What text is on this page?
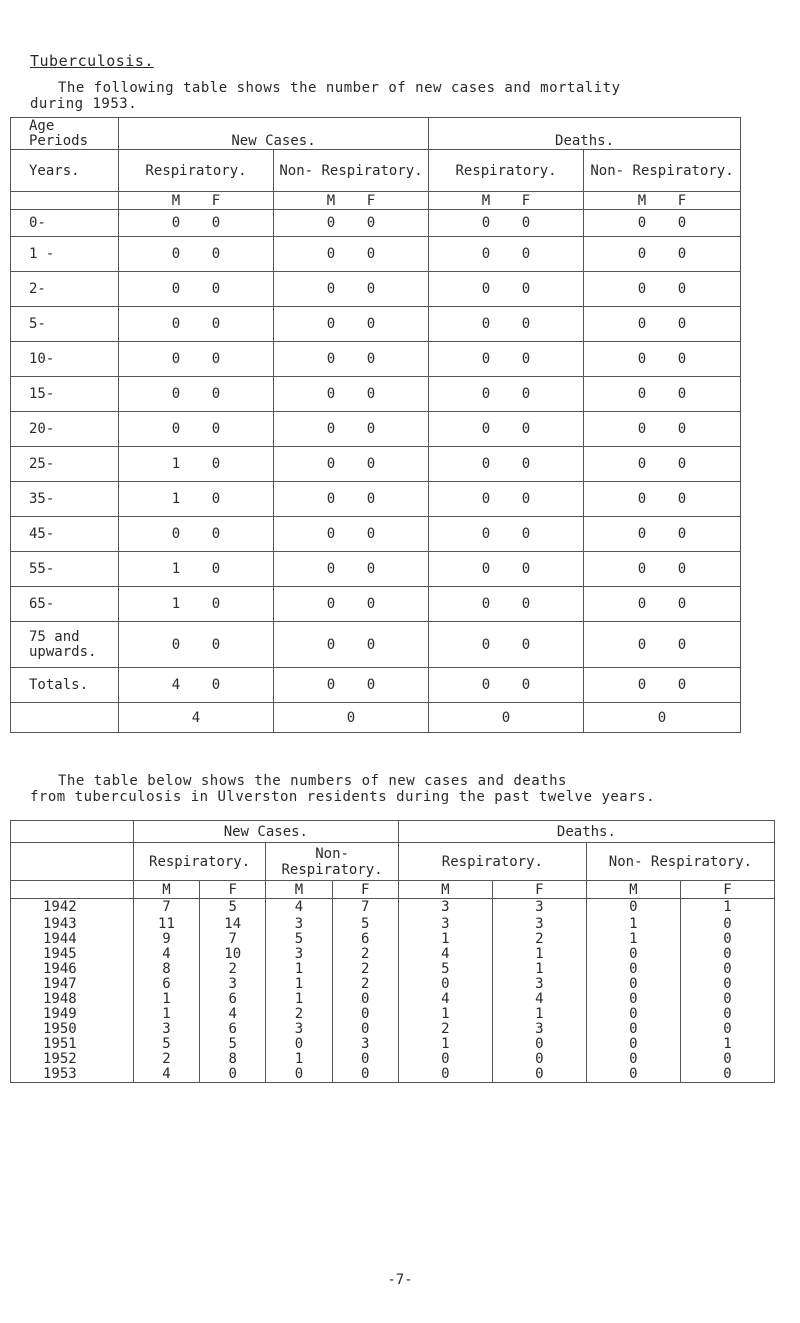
Tuberculosis.
The following table shows the number of new cases and mortality
during 1953.
Age Periods	New Cases.		Deaths.	
Years.	Respiratory.	Non- Respiratory.	Respiratory.	Non- Respiratory.

	M F	M F	M F	M F

0-	0 0	0 0	0 0	0 0

1 -	0 0	0 0	0 0	0 0

2-	0 0	0 0	0 0	0 0

5-	0 0	0 0	0 0	0 0

10-	0 0	0 0	0 0	0 0

15-	0 0	0 0	0 0	0 0

20-	0 0	0 0	0 0	0 0

25-	1 0	0 0	0 0	0 0

35-	1 0	0 0	0 0	0 0

45-	0 0	0 0	0 0	0 0

55-	1 0	0 0	0 0	0 0

65-	1 0	0 0	0 0	0 0

75 and upwards.	0 0	0 0	0 0	0 0

Totals.	4 0	0 0	0 0	0 0

	4	0	0	0
The table below shows the numbers of new cases and deaths
from tuberculosis in Ulverston residents during the past twelve years.
	New Cases.				Deaths.			
	Respiratory.		Non- Respiratory.		Respiratory.		Non- Respiratory.	
	M	F	M	F	M	F	M	F
1942	7	5	4	7	3	3	0	1
1943	11	14	3	5	3	3	1	0
1944	9	7	5	6	1	2	1	0
1945	4	10	3	2	4	1	0	0
1946	8	2	1	2	5	1	0	0
1947	6	3	1	2	0	3	0	0
1948	1	6	1	0	4	4	0	0
1949	1	4	2	0	1	1	0	0
1950	3	6	3	0	2	3	0	0
1951	5	5	0	3	1	0	0	1
1952	2	8	1	0	0	0	0	0
1953	4	0	0	0	0	0	0	0
-7-
